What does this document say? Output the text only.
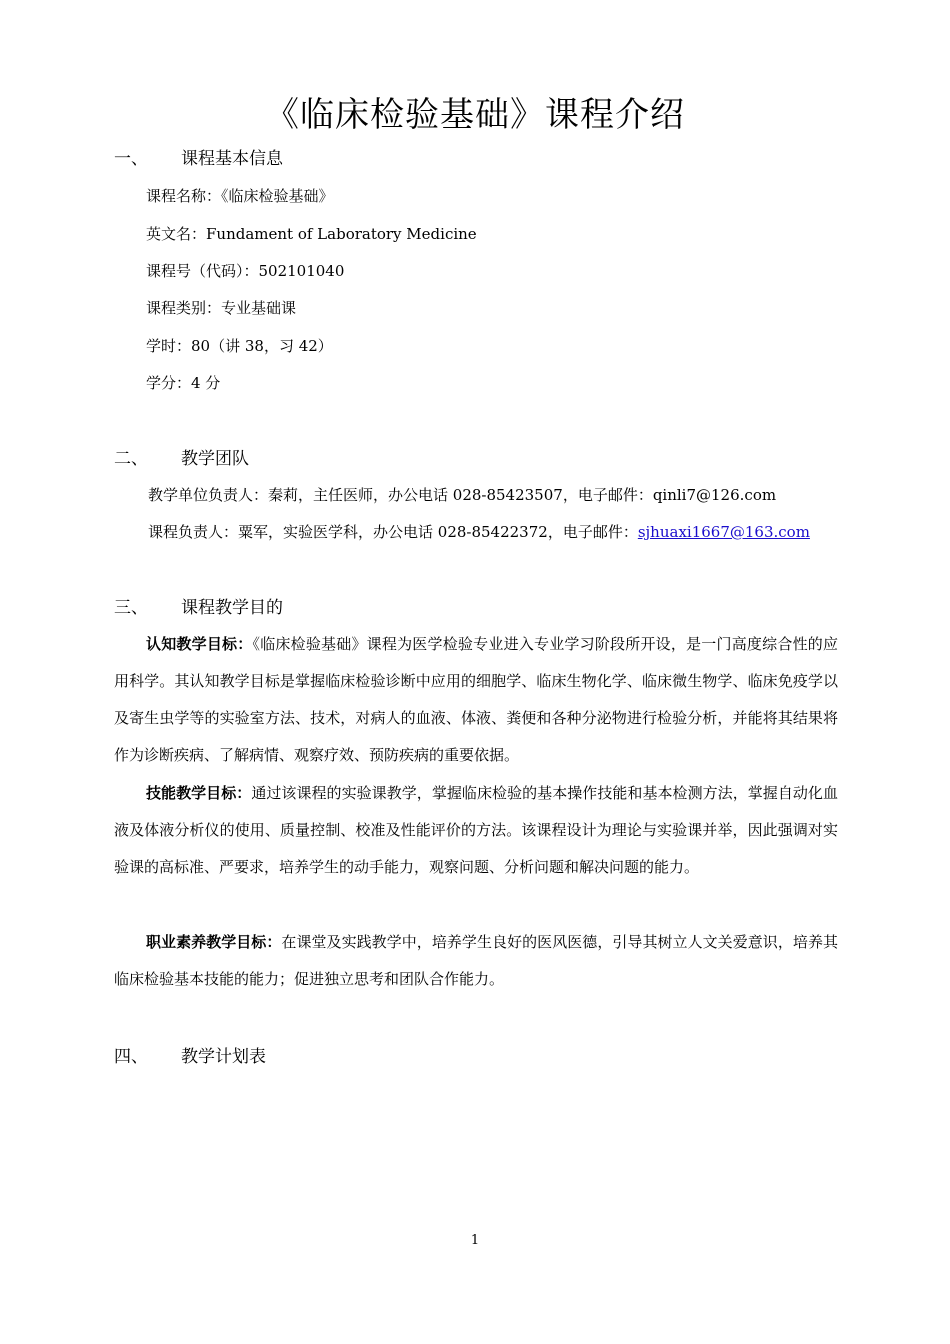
《临床检验基础》课程介绍
一、 课程基本信息
课程名称：《临床检验基础》
英文名：Fundament of Laboratory Medicine
课程号（代码）：502101040
课程类别：专业基础课
学时：80（讲 38，习 42）
学分：4 分
二、 教学团队
教学单位负责人：秦莉，主任医师，办公电话 028-85423507，电子邮件：qinli7@126.com
课程负责人：粟军，实验医学科，办公电话 028-85422372，电子邮件：sjhuaxi1667@163.com
三、 课程教学目的
认知教学目标：《临床检验基础》课程为医学检验专业进入专业学习阶段所开设，是一门高度综合性的应用科学。其认知教学目标是掌握临床检验诊断中应用的细胞学、临床生物化学、临床微生物学、临床免疫学以及寄生虫学等的实验室方法、技术，对病人的血液、体液、粪便和各种分泌物进行检验分析，并能将其结果将作为诊断疾病、了解病情、观察疗效、预防疾病的重要依据。
技能教学目标：通过该课程的实验课教学，掌握临床检验的基本操作技能和基本检测方法，掌握自动化血液及体液分析仪的使用、质量控制、校准及性能评价的方法。该课程设计为理论与实验课并举，因此强调对实验课的高标准、严要求，培养学生的动手能力，观察问题、分析问题和解决问题的能力。
职业素养教学目标：在课堂及实践教学中，培养学生良好的医风医德，引导其树立人文关爱意识，培养其临床检验基本技能的能力；促进独立思考和团队合作能力。
四、 教学计划表
1
